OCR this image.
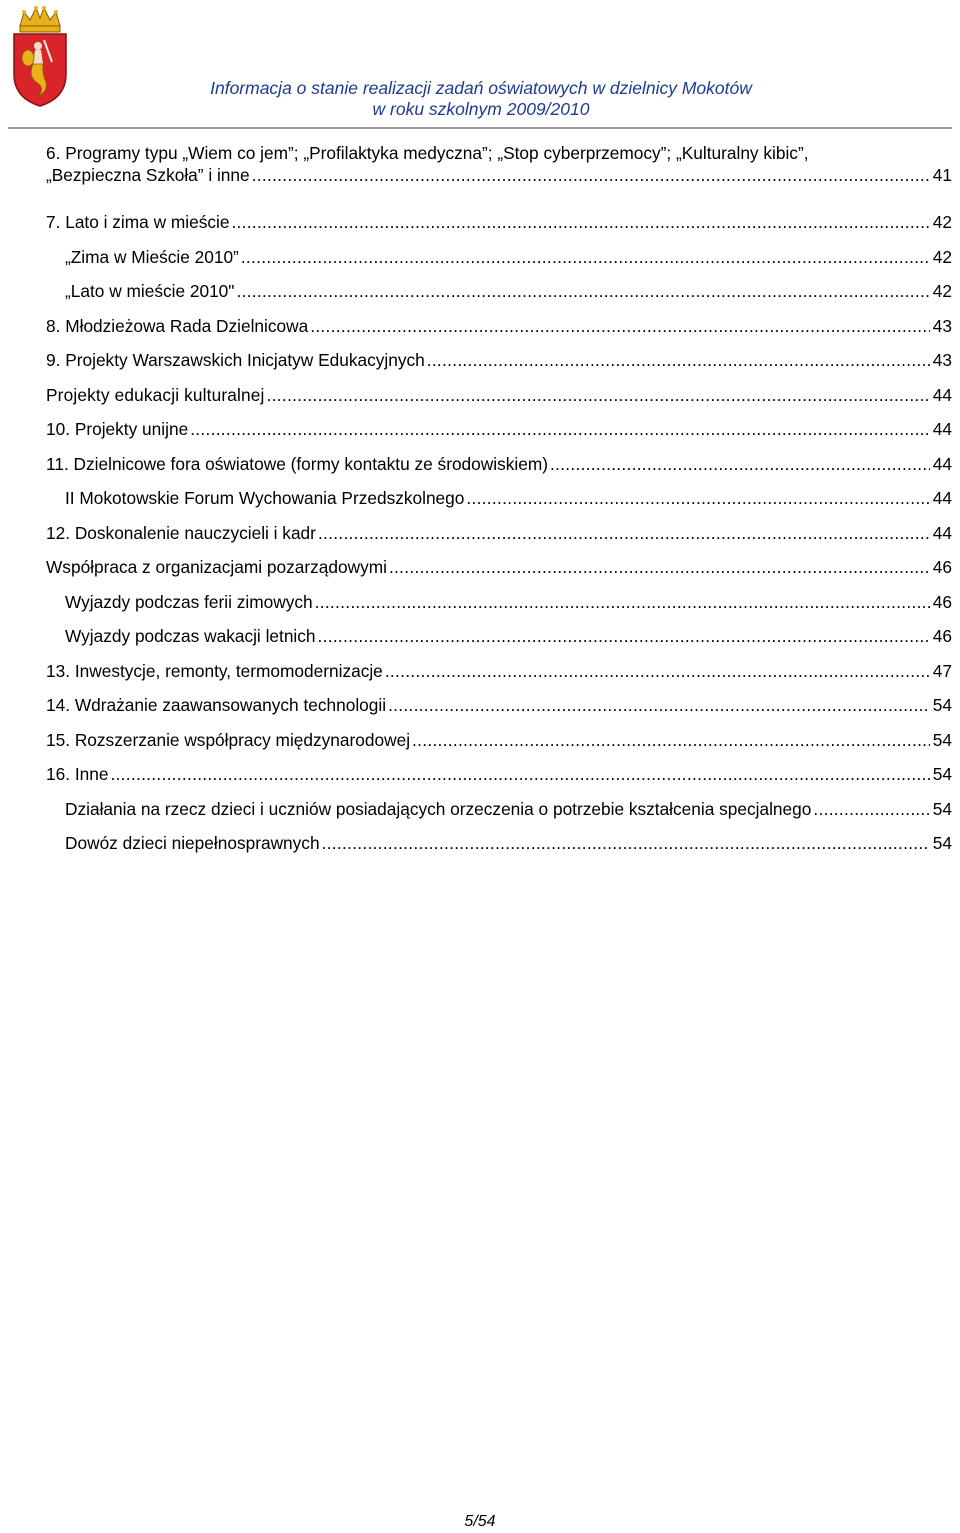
Informacja o stanie realizacji zadań oświatowych w dzielnicy Mokotów
w roku szkolnym 2009/2010
6. Programy typu „Wiem co jem”; „Profilaktyka medyczna”; „Stop cyberprzemocy”; „Kulturalny kibic”,
„Bezpieczna Szkoła” i inne .....	41
7. Lato i zima w mieście .....	42
„Zima w Mieście 2010” .....	42
„Lato w mieście 2010" .....	42
8. Młodzieżowa Rada Dzielnicowa .....	43
9. Projekty Warszawskich Inicjatyw Edukacyjnych .....	43
Projekty edukacji kulturalnej .....	44
10. Projekty unijne .....	44
11. Dzielnicowe fora oświatowe (formy kontaktu ze środowiskiem) .....	44
II Mokotowskie Forum Wychowania Przedszkolnego .....	44
12. Doskonalenie nauczycieli i kadr .....	44
Współpraca z organizacjami pozarządowymi .....	46
Wyjazdy podczas ferii zimowych .....	46
Wyjazdy podczas wakacji letnich .....	46
13. Inwestycje, remonty, termomodernizacje .....	47
14. Wdrażanie zaawansowanych technologii .....	54
15. Rozszerzanie współpracy międzynarodowej .....	54
16. Inne .....	54
Działania na rzecz dzieci i uczniów posiadających orzeczenia o potrzebie kształcenia specjalnego .....	54
Dowóz dzieci niepełnosprawnych .....	54
5/54
